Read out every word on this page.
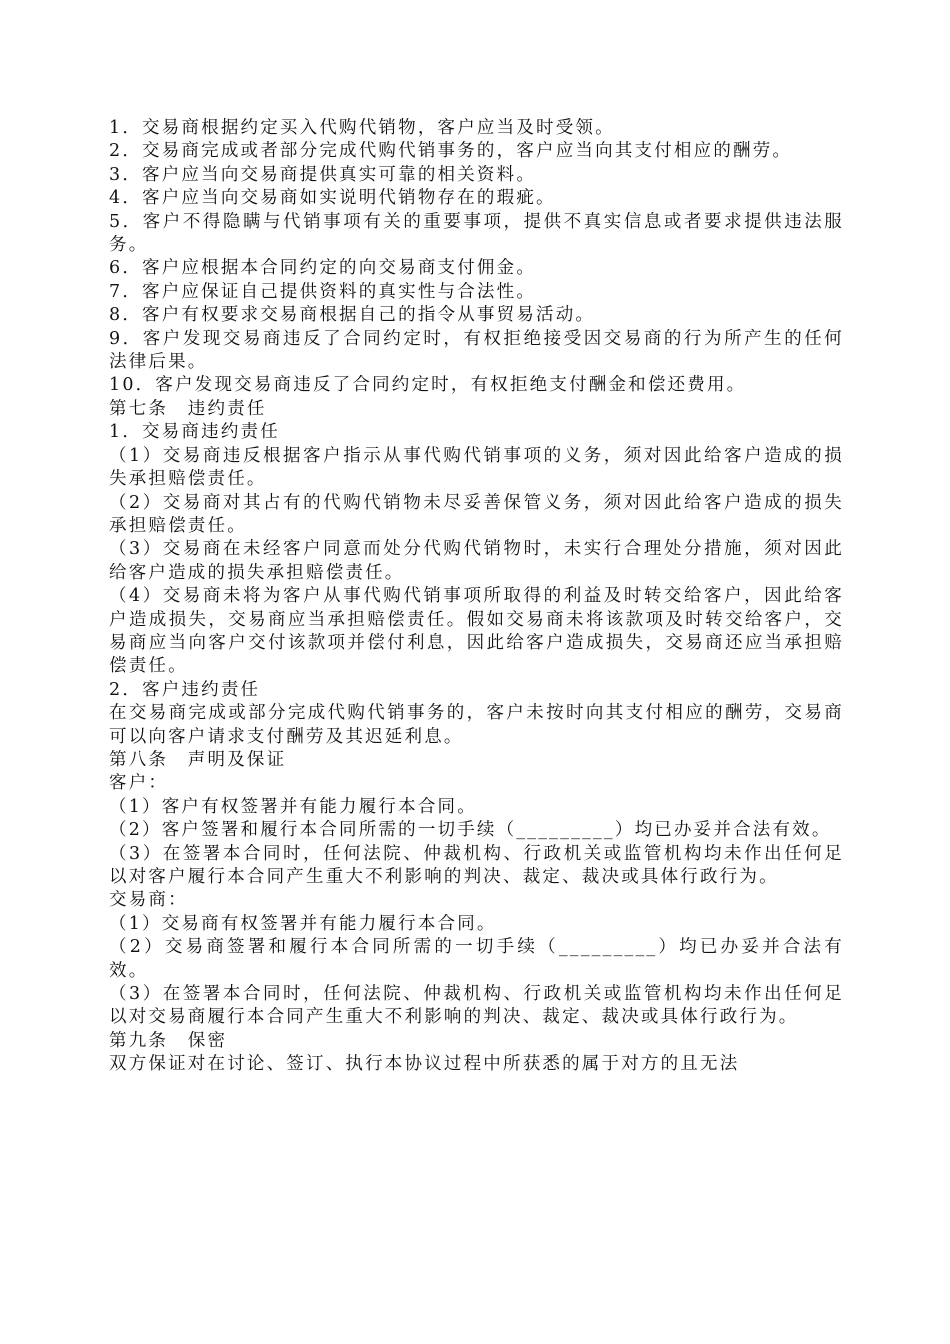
1．交易商根据约定买入代购代销物，客户应当及时受领。

2．交易商完成或者部分完成代购代销事务的，客户应当向其支付相应的酬劳。

3．客户应当向交易商提供真实可靠的相关资料。

4．客户应当向交易商如实说明代销物存在的瑕疵。

5．客户不得隐瞒与代销事项有关的重要事项，提供不真实信息或者要求提供违法服务。

6．客户应根据本合同约定的向交易商支付佣金。

7．客户应保证自己提供资料的真实性与合法性。

8．客户有权要求交易商根据自己的指令从事贸易活动。

9．客户发现交易商违反了合同约定时，有权拒绝接受因交易商的行为所产生的任何法律后果。

10．客户发现交易商违反了合同约定时，有权拒绝支付酬金和偿还费用。

第七条　违约责任

1．交易商违约责任

（1）交易商违反根据客户指示从事代购代销事项的义务，须对因此给客户造成的损失承担赔偿责任。

（2）交易商对其占有的代购代销物未尽妥善保管义务，须对因此给客户造成的损失承担赔偿责任。

（3）交易商在未经客户同意而处分代购代销物时，未实行合理处分措施，须对因此给客户造成的损失承担赔偿责任。

（4）交易商未将为客户从事代购代销事项所取得的利益及时转交给客户，因此给客户造成损失，交易商应当承担赔偿责任。假如交易商未将该款项及时转交给客户，交易商应当向客户交付该款项并偿付利息，因此给客户造成损失，交易商还应当承担赔偿责任。

2．客户违约责任

在交易商完成或部分完成代购代销事务的，客户未按时向其支付相应的酬劳，交易商可以向客户请求支付酬劳及其迟延利息。

第八条　声明及保证

客户：

（1）客户有权签署并有能力履行本合同。

（2）客户签署和履行本合同所需的一切手续（_________）均已办妥并合法有效。

（3）在签署本合同时，任何法院、仲裁机构、行政机关或监管机构均未作出任何足以对客户履行本合同产生重大不利影响的判决、裁定、裁决或具体行政行为。

交易商：

（1）交易商有权签署并有能力履行本合同。

（2）交易商签署和履行本合同所需的一切手续（_________）均已办妥并合法有效。

（3）在签署本合同时，任何法院、仲裁机构、行政机关或监管机构均未作出任何足以对交易商履行本合同产生重大不利影响的判决、裁定、裁决或具体行政行为。

第九条　保密

双方保证对在讨论、签订、执行本协议过程中所获悉的属于对方的且无法
